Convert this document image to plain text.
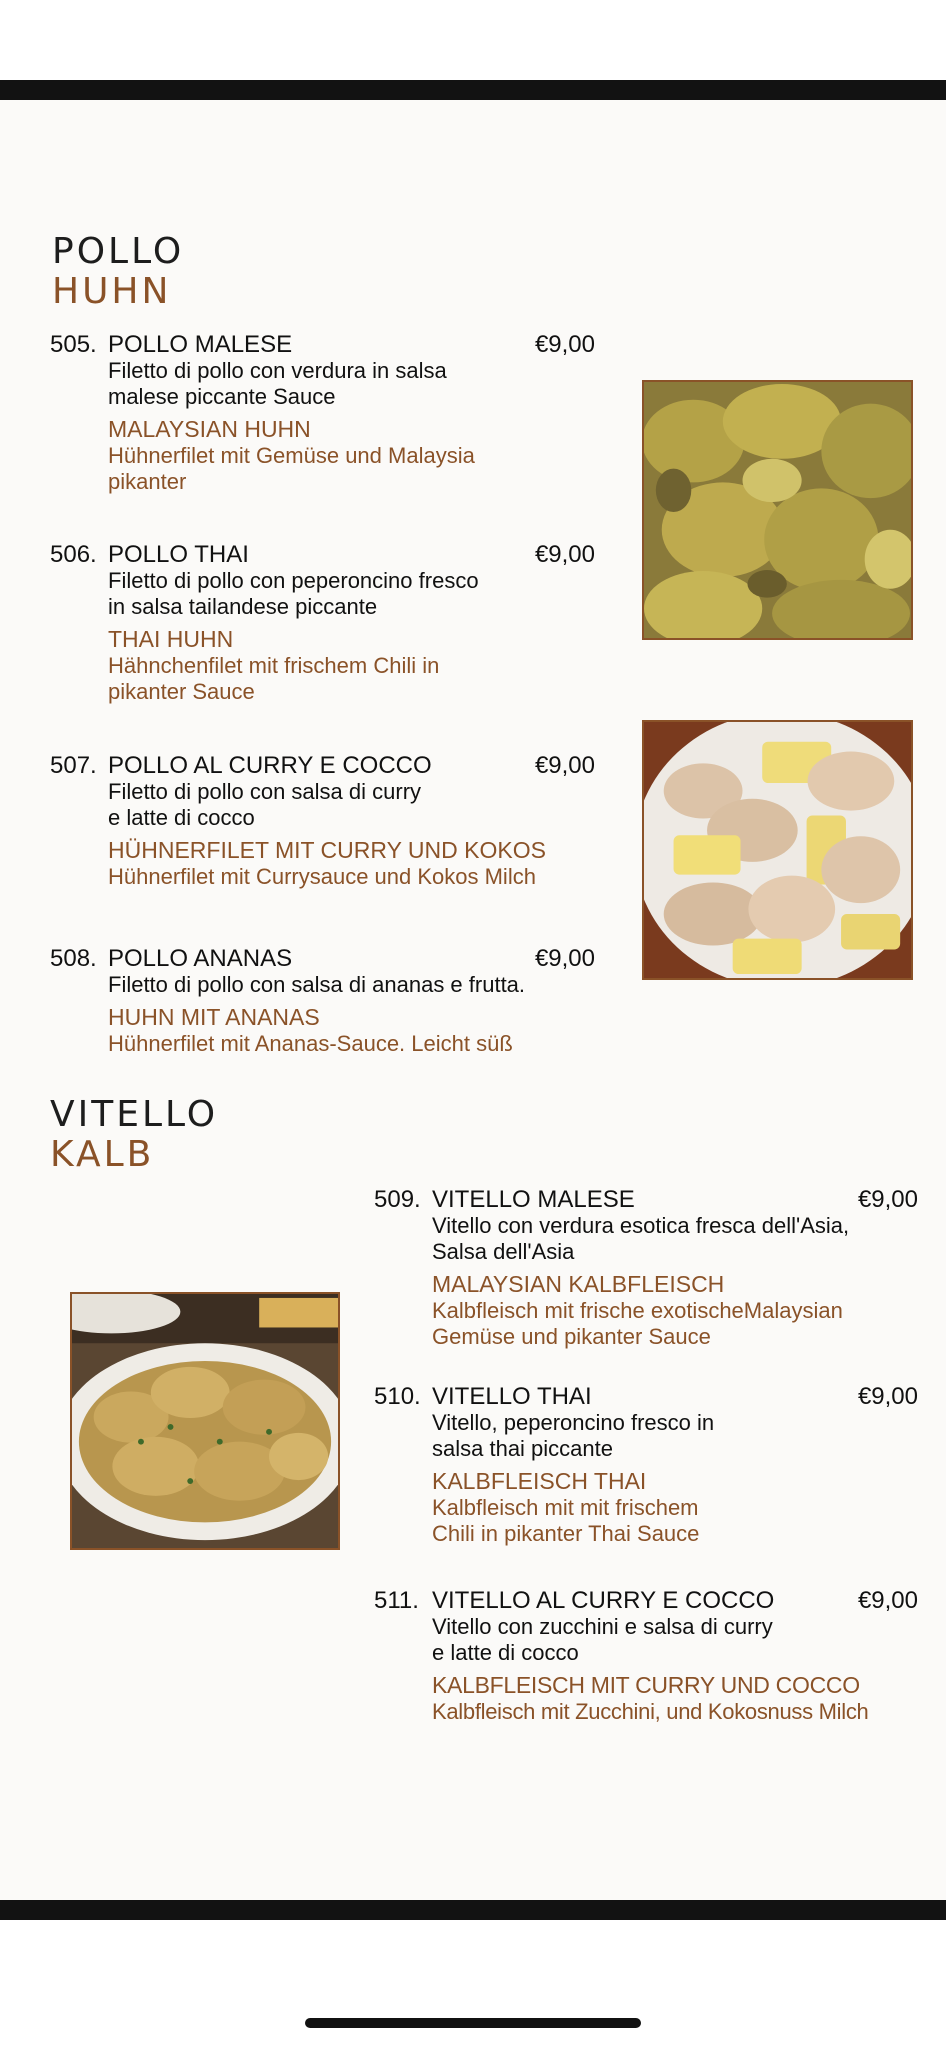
POLLO
HUHN
505. POLLO MALESE	€9,00
Filetto di pollo con verdura in salsa
malese piccante Sauce
MALAYSIAN HUHN
Hühnerfilet mit Gemüse und Malaysia
pikanter
506. POLLO THAI	€9,00
Filetto di pollo con peperoncino fresco
in salsa tailandese piccante
THAI HUHN
Hähnchenfilet mit frischem Chili in
pikanter Sauce
507. POLLO AL CURRY E COCCO	€9,00
Filetto di pollo con salsa di curry
e latte di cocco
HÜHNERFILET MIT CURRY UND KOKOS
Hühnerfilet mit Currysauce und Kokos Milch
508. POLLO ANANAS	€9,00
Filetto di pollo con salsa di ananas e frutta.
HUHN MIT ANANAS
Hühnerfilet mit Ananas-Sauce. Leicht süß
VITELLO
KALB
509. VITELLO MALESE	€9,00
Vitello con verdura esotica fresca dell'Asia,
Salsa dell'Asia
MALAYSIAN KALBFLEISCH
Kalbfleisch mit frische exotischeMalaysian
Gemüse und pikanter Sauce
510. VITELLO THAI	€9,00
Vitello, peperoncino fresco in
salsa thai piccante
KALBFLEISCH THAI
Kalbfleisch mit mit frischem
Chili in pikanter Thai Sauce
511. VITELLO AL CURRY E COCCO	€9,00
Vitello con zucchini e salsa di curry
e latte di cocco
KALBFLEISCH MIT CURRY UND COCCO
Kalbfleisch mit Zucchini, und Kokosnuss Milch
